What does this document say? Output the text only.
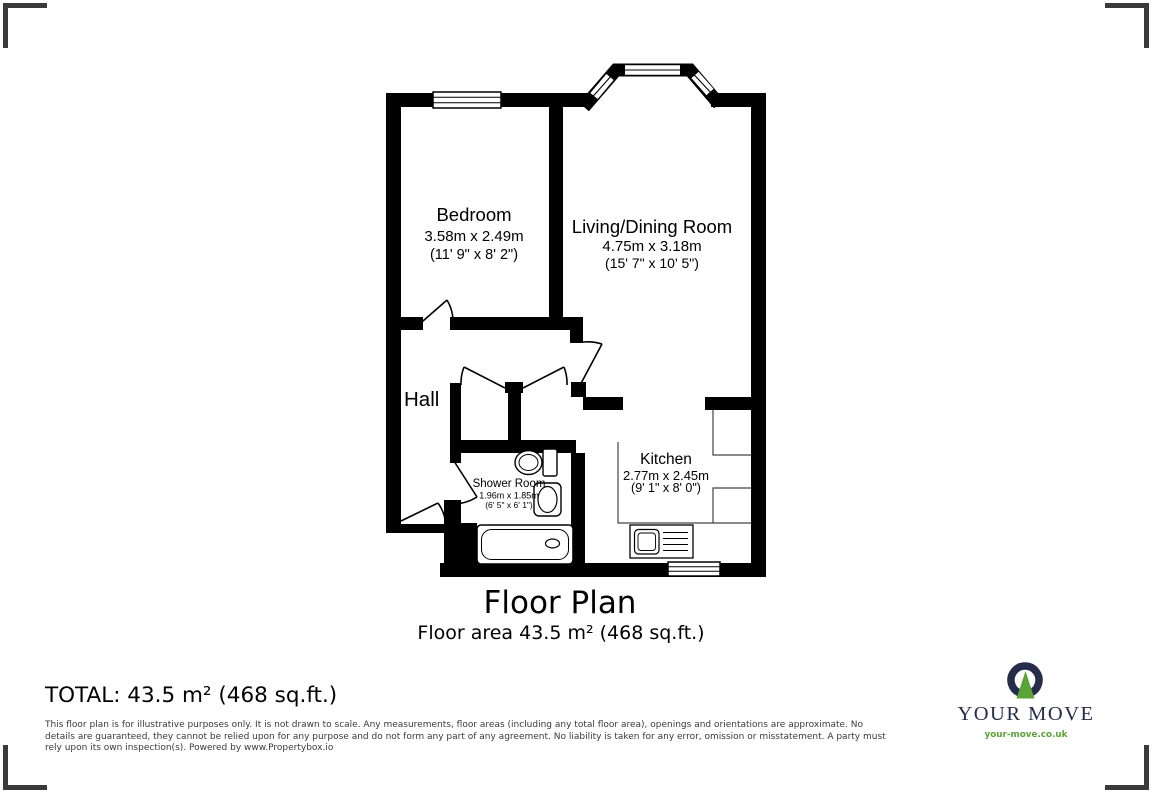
Bedroom
3.58m x 2.49m
(11' 9" x 8' 2")
Living/Dining Room
4.75m x 3.18m
(15' 7" x 10' 5")
Hall
Shower Room
1.96m x 1.85m
(6' 5" x 6' 1")
Kitchen
2.77m x 2.45m
(9' 1" x 8' 0")
YOUR MOVE
your-move.co.uk
Floor Plan
Floor area 43.5 m² (468 sq.ft.)
TOTAL: 43.5 m² (468 sq.ft.)
This floor plan is for illustrative purposes only. It is not drawn to scale. Any measurements, floor areas (including any total floor area), openings and orientations are approximate. No
details are guaranteed, they cannot be relied upon for any purpose and do not form any part of any agreement. No liability is taken for any error, omission or misstatement. A party must
rely upon its own inspection(s). Powered by www.Propertybox.io
